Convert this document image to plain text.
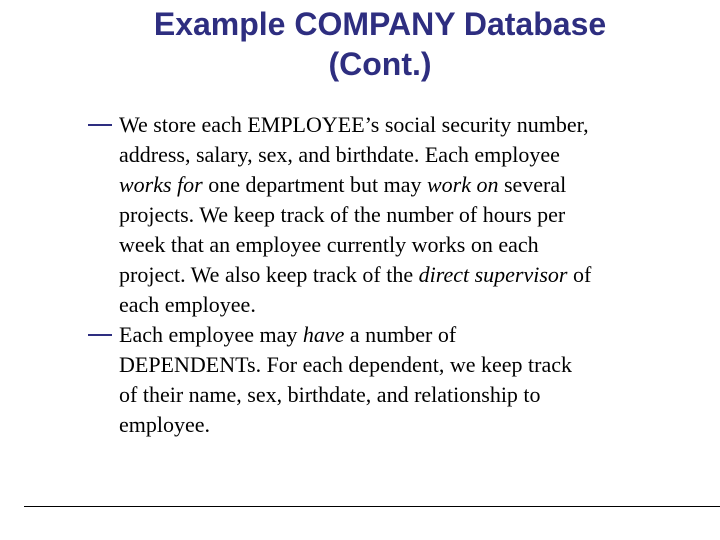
Example COMPANY Database
(Cont.)
We store each EMPLOYEE’s social security number,
address, salary, sex, and birthdate. Each employee
works for one department but may work on several
projects. We keep track of the number of hours per
week that an employee currently works on each
project. We also keep track of the direct supervisor of
each employee.
Each employee may have a number of
DEPENDENTs. For each dependent, we keep track
of their name, sex, birthdate, and relationship to
employee.
